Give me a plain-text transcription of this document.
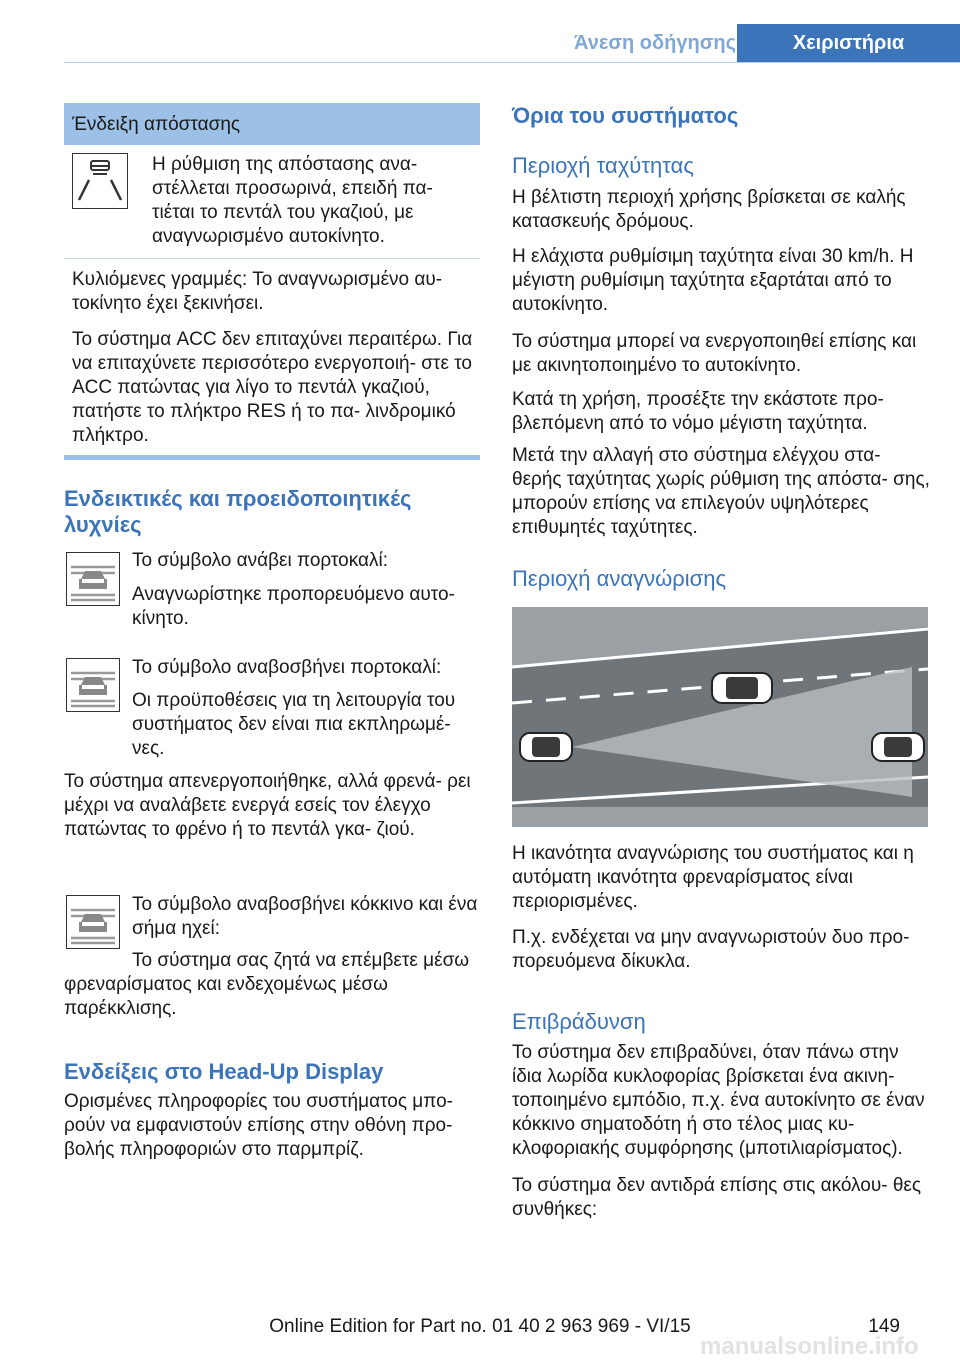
Άνεση οδήγησης	Χειριστήρια
Ένδειξη απόστασης

Η ρύθμιση της απόστασης ανα- στέλλεται προσωρινά, επειδή πα- τιέται το πεντάλ του γκαζιού, με αναγνωρισμένο αυτοκίνητο.

Κυλιόμενες γραμμές: Το αναγνωρισμένο αυ- τοκίνητο έχει ξεκινήσει.

Το σύστημα ACC δεν επιταχύνει περαιτέρω. Για να επιταχύνετε περισσότερο ενεργοποιή- στε το ACC πατώντας για λίγο το πεντάλ γκαζιού, πατήστε το πλήκτρο RES ή το πα- λινδρομικό πλήκτρο.

Ενδεικτικές και προειδοποιητικές λυχνίες

Το σύμβολο ανάβει πορτοκαλί:

Αναγνωρίστηκε προπορευόμενο αυτο- κίνητο.

Το σύμβολο αναβοσβήνει πορτοκαλί:

Οι προϋποθέσεις για τη λειτουργία του συστήματος δεν είναι πια εκπληρωμέ- νες.

Το σύστημα απενεργοποιήθηκε, αλλά φρενά- ρει μέχρι να αναλάβετε ενεργά εσείς τον έλεγχο πατώντας το φρένο ή το πεντάλ γκα- ζιού.

Το σύμβολο αναβοσβήνει κόκκινο και ένα σήμα ηχεί:

Το σύστημα σας ζητά να επέμβετε μέσω φρεναρίσματος και ενδεχομένως μέσω παρέκκλισης.

Ενδείξεις στο Head-Up Display

Ορισμένες πληροφορίες του συστήματος μπο- ρούν να εμφανιστούν επίσης στην οθόνη προ- βολής πληροφοριών στο παρμπρίζ.

Όρια του συστήματος

Περιοχή ταχύτητας

Η βέλτιστη περιοχή χρήσης βρίσκεται σε καλής κατασκευής δρόμους.

Η ελάχιστα ρυθμίσιμη ταχύτητα είναι 30 km/h. Η μέγιστη ρυθμίσιμη ταχύτητα εξαρτάται από το αυτοκίνητο.

Το σύστημα μπορεί να ενεργοποιηθεί επίσης και με ακινητοποιημένο το αυτοκίνητο.

Κατά τη χρήση, προσέξτε την εκάστοτε προ- βλεπόμενη από το νόμο μέγιστη ταχύτητα.

Μετά την αλλαγή στο σύστημα ελέγχου στα- θερής ταχύτητας χωρίς ρύθμιση της απόστα- σης, μπορούν επίσης να επιλεγούν υψηλότερες επιθυμητές ταχύτητες.

Περιοχή αναγνώρισης

Η ικανότητα αναγνώρισης του συστήματος και η αυτόματη ικανότητα φρεναρίσματος είναι περιορισμένες.

Π.χ. ενδέχεται να μην αναγνωριστούν δυο προ- πορευόμενα δίκυκλα.

Επιβράδυνση

Το σύστημα δεν επιβραδύνει, όταν πάνω στην ίδια λωρίδα κυκλοφορίας βρίσκεται ένα ακινη- τοποιημένο εμπόδιο, π.χ. ένα αυτοκίνητο σε έναν κόκκινο σηματοδότη ή στο τέλος μιας κυ- κλοφοριακής συμφόρησης (μποτιλιαρίσματος).

Το σύστημα δεν αντιδρά επίσης στις ακόλου- θες συνθήκες:

149
Online Edition for Part no. 01 40 2 963 969 - VI/15
manualsonline.info
